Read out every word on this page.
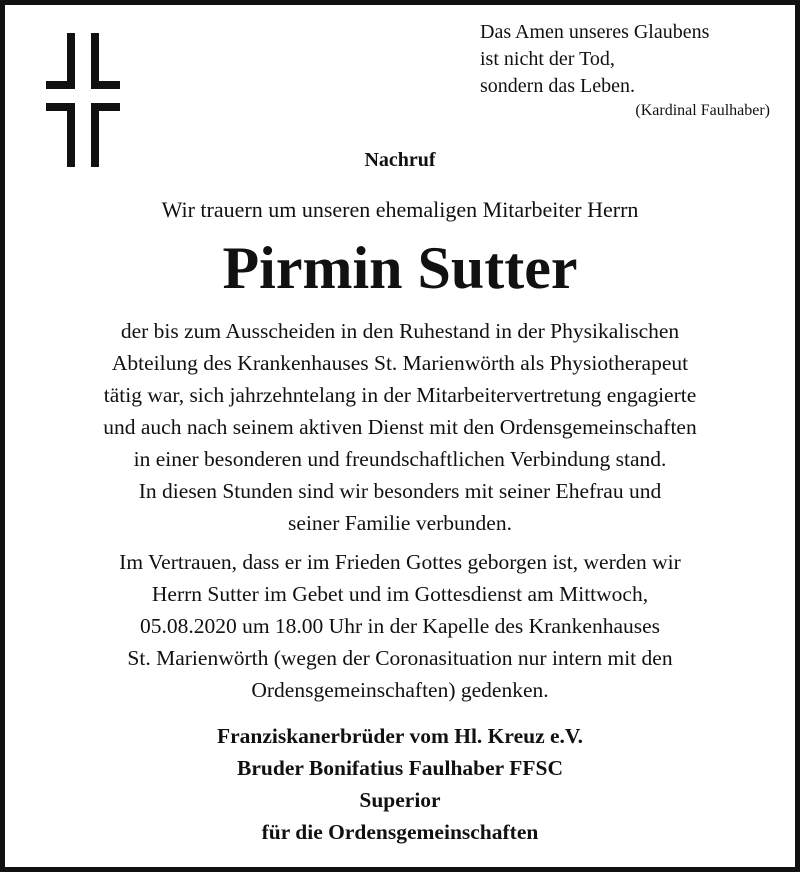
Das Amen unseres Glaubens
ist nicht der Tod,
sondern das Leben.
(Kardinal Faulhaber)
Nachruf
Wir trauern um unseren ehemaligen Mitarbeiter Herrn
Pirmin Sutter
der bis zum Ausscheiden in den Ruhestand in der Physikalischen
Abteilung des Krankenhauses St. Marienwörth als Physiotherapeut
tätig war, sich jahrzehntelang in der Mitarbeitervertretung engagierte
und auch nach seinem aktiven Dienst mit den Ordensgemeinschaften
in einer besonderen und freundschaftlichen Verbindung stand.
In diesen Stunden sind wir besonders mit seiner Ehefrau und
seiner Familie verbunden.
Im Vertrauen, dass er im Frieden Gottes geborgen ist, werden wir
Herrn Sutter im Gebet und im Gottesdienst am Mittwoch,
05.08.2020 um 18.00 Uhr in der Kapelle des Krankenhauses
St. Marienwörth (wegen der Coronasituation nur intern mit den
Ordensgemeinschaften) gedenken.
Franziskanerbrüder vom Hl. Kreuz e.V.
Bruder Bonifatius Faulhaber FFSC
Superior
für die Ordensgemeinschaften
